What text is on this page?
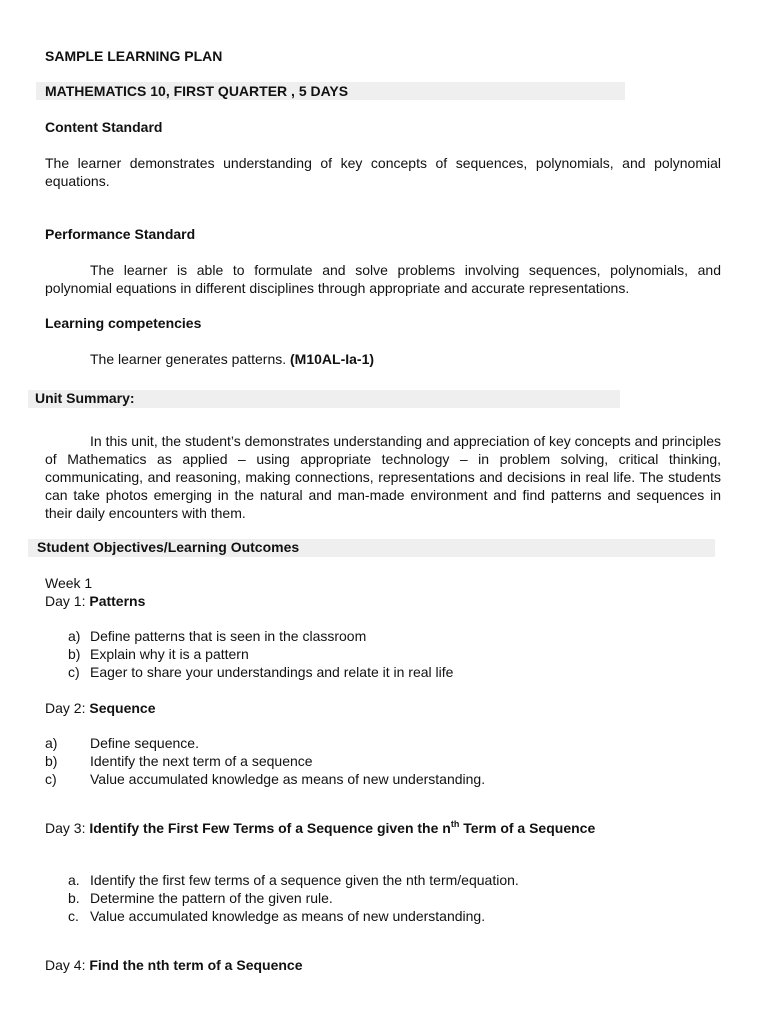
SAMPLE LEARNING PLAN
MATHEMATICS 10, FIRST QUARTER , 5 DAYS
Content Standard
The learner demonstrates understanding of key concepts of sequences, polynomials, and polynomial equations.
Performance Standard
The learner is able to formulate and solve problems involving sequences, polynomials, and polynomial equations in different disciplines through appropriate and accurate representations.
Learning competencies
The learner generates patterns. (M10AL-Ia-1)
Unit Summary:
In this unit, the student’s demonstrates understanding and appreciation of key concepts and principles of Mathematics as applied – using appropriate technology – in problem solving, critical thinking, communicating, and reasoning, making connections, representations and decisions in real life. The students can take photos emerging in the natural and man-made environment and find patterns and sequences in their daily encounters with them.
Student Objectives/Learning Outcomes
Week 1
Day 1: Patterns
a) Define patterns that is seen in the classroom
b) Explain why it is a pattern
c) Eager to share your understandings and relate it in real life
Day 2: Sequence
a) Define sequence.
b) Identify the next term of a sequence
c) Value accumulated knowledge as means of new understanding.
Day 3: Identify the First Few Terms of a Sequence given the $n^{th}$ Term of a Sequence
a. Identify the first few terms of a sequence given the nth term/equation.
b. Determine the pattern of the given rule.
c. Value accumulated knowledge as means of new understanding.
Day 4: Find the nth term of a Sequence
